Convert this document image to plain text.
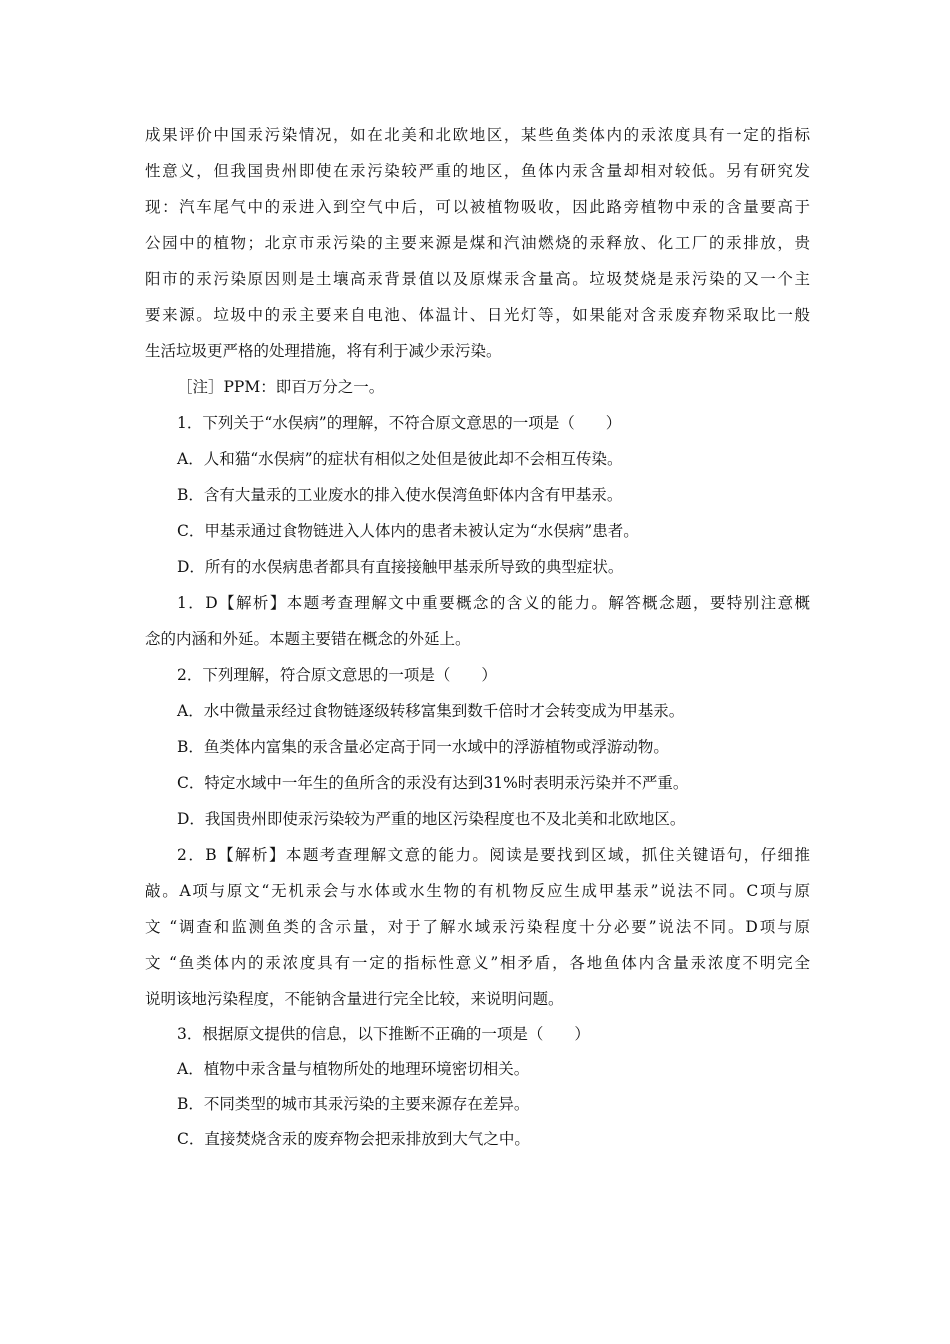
成果评价中国汞污染情况，如在北美和北欧地区，某些鱼类体内的汞浓度具有一定的指标
性意义，但我国贵州即使在汞污染较严重的地区，鱼体内汞含量却相对较低。另有研究发
现：汽车尾气中的汞进入到空气中后，可以被植物吸收，因此路旁植物中汞的含量要高于
公园中的植物；北京市汞污染的主要来源是煤和汽油燃烧的汞释放、化工厂的汞排放，贵
阳市的汞污染原因则是土壤高汞背景值以及原煤汞含量高。垃圾焚烧是汞污染的又一个主
要来源。垃圾中的汞主要来自电池、体温计、日光灯等，如果能对含汞废弃物采取比一般
生活垃圾更严格的处理措施，将有利于减少汞污染。
［注］PPM：即百万分之一。
1．下列关于“水俣病”的理解，不符合原文意思的一项是（　　）
A．人和猫“水俣病”的症状有相似之处但是彼此却不会相互传染。
B．含有大量汞的工业废水的排入使水俣湾鱼虾体内含有甲基汞。
C．甲基汞通过食物链进入人体内的患者未被认定为“水俣病”患者。
D．所有的水俣病患者都具有直接接触甲基汞所导致的典型症状。
1．D【解析】本题考查理解文中重要概念的含义的能力。解答概念题，要特别注意概
念的内涵和外延。本题主要错在概念的外延上。
2．下列理解，符合原文意思的一项是（　　）
A．水中微量汞经过食物链逐级转移富集到数千倍时才会转变成为甲基汞。
B．鱼类体内富集的汞含量必定高于同一水域中的浮游植物或浮游动物。
C．特定水域中一年生的鱼所含的汞没有达到31%时表明汞污染并不严重。
D．我国贵州即使汞污染较为严重的地区污染程度也不及北美和北欧地区。
2．B【解析】本题考查理解文意的能力。阅读是要找到区域，抓住关键语句，仔细推
敲。A项与原文“无机汞会与水体或水生物的有机物反应生成甲基汞”说法不同。C项与原
文 “调查和监测鱼类的含示量，对于了解水域汞污染程度十分必要”说法不同。D项与原
文 “鱼类体内的汞浓度具有一定的指标性意义”相矛盾，各地鱼体内含量汞浓度不明完全
说明该地污染程度，不能钠含量进行完全比较，来说明问题。
3．根据原文提供的信息，以下推断不正确的一项是（　　）
A．植物中汞含量与植物所处的地理环境密切相关。
B．不同类型的城市其汞污染的主要来源存在差异。
C．直接焚烧含汞的废弃物会把汞排放到大气之中。
